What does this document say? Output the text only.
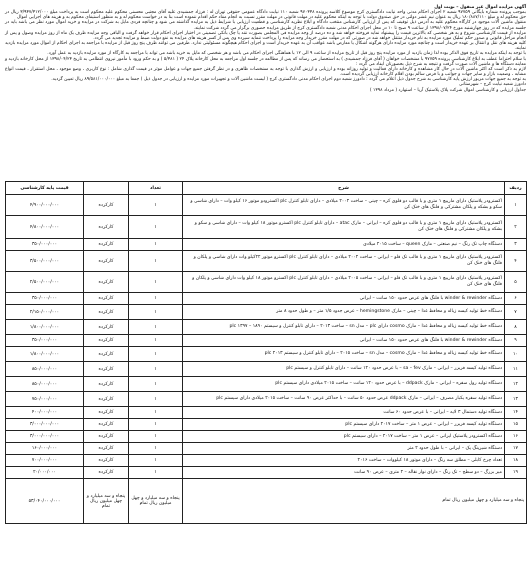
آگهی مزایده اموال غیر منقول – نوبت اول

بموجب پرونده شماره بایگانی ۹۷۷۵۹ شعبه ۲ اجرای احکام مدنی واحد نیابت دادگستری کرج موضوع کلاسه پرونده ۹۷۰۳۳۸ شعبه ۱۱۰ نیابت دادگاه عمومی حقوقی تهران له : فرزاد جمشیدی علیه آقای مجتبی محسنی محکوم علیه محکوم است به پرداخت مبلغ ۳/۹۳۷/۳۱۲/۰۰۰ ریال در حق محکوم له و مبلغ ۱۸۰/۸۸۷/۱۱۰ ریال به عنوان نیم عشر دولتی در حق صندوق دولت با توجه به اینکه محکوم علیه در مهلت قانونی در مهلت مقرر نسبت به انجام مفاد حکم اقدام ننموده است بنا به در خواست محکوم له و به منظور استیفای محکوم به و هزینه های اجرایی اموال

منقول ماشین آلات موجود در کارگاه محکوم علیه به آدرس ذیل توقیف که پس از ارزیابی کارشناس منتخب دادگاه و ابلاغ نظریه کارشناسی و قطعیت ارزیابی با شرایط ذیل به مزایده گذاشته می شود و چنانچه فردی مایل به شرکت در مزایده و خرید اموال مورد نظر می باشد باید در جلسه مزایده که در روز چهارشنبه مورخ ۱۳۹۸/۰۷/۲۴ از ساعت ۹ صبح تا ۱۰ در محل اجرای احکام مدنی شعبه دادگستری کرج از طریق مزایده حضوری برگزار می گردد شرکت نمایند.

مزایده از قیمت کارشناسی شروع و به هر شخصی که بالاترین قیمت را پیشنهاد نماید فروخته خواهد شد و ده درصد از وجه مزایده فی المجلس بصورت نقد یا چک بانکی تضمینی در اختیار اجرای احکام قرار خواهد گرفت و الباقی وجه مزایده ظرف یک ماه از روز مزایده وصول و پس از انجام مراحل قانونی و صدور حکم تملیک مورد مزایده به نام خریدار منتقل خواهد شد در صورتی که در مهلت مقرر خریدار وجه مزایده را پرداخت ننماید سپرده وی پس از کسر هزینه های مزایده به نفع دولت ضبط و مزایده تجدید می گردد.

کلیه هزینه های نقل و انتقال بر عهده خریدار است و چنانچه مورد مزایده دارای هرگونه اشکال یا معارض باشد عواقب آن به عهده خریدار است و اجرای احکام هیچگونه مسئولیتی ندارد. طرفین می توانند ظرف پنج روز قبل از مزایده با مراجعه به اجرای احکام از اموال مورد مزایده بازدید نمایند.

با توجه به اینکه مزایده به تاریخ فوق الذکر بوده لذا زمان بازدید از مورد مزایده پنج روز قبل از تاریخ مزایده از ساعت ۹ الی ۱۲ با هماهنگی اجرای احکام می باشد و هر شخصی که مایل به خرید باشد می تواند با مراجعه به کارگاه از مورد مزایده بازدید به عمل آورد.

با سلام احتراما عطف به ابلاغ کارشناسی پرونده ۹۷۷۵۹ با مشخصات خواهان ( آقای فرزاد جمشیدی ) به استحضار می رساند که پس از مطالعه در جلسه اول مراجعه به محل کارخانه پلاک ۲۴ ( ۵/۳۸۱ ) و به حکم ورود با مأمور نیروی انتظامی به تاریخ ۱۳۹۸/۰۴/۲۳ از محل کارخانه بازدید و معاینه دستگاه ها و ماشین آلات صورت گرفت و نتیجه به شرح ذیل بحضورتان ایفاد می گردد :

لازم به ذکر است که اکثر ماشین آلات در حال کار مشاهده و کارخانه دارای فعالیت و تولید روزانه بوده و ارزیابی و ارزش گذاری با توجه به مشخصات ظاهری و در نظر گرفتن جمیع جهات و عوامل موثر در قیمت گذاری شامل : نوع کاربری ، وضع موجود ، محل استقرار ، قیمت انواع مشابه ، وضعیت بازار و سایر جهات و جوانب و با فرض سالم بودن اقلام کارخانه ارزیابی گردیده است.

به توجه به جمیع جهات مزبور ارزش پایه کارشناسی به شرح جدول ذیل اعلام می گردد : دادورز شعبه دوم اجرای احکام مدنی دادگستری کرج ( لیست ماشین آلات و تجهیزات مورد مزایده و ارزیابی در جدول ذیل ) جمعا به مبلغ ۸۹/۵۸۱/۰۰۰/۰۰۰ ریال تعیین گردید.

دادورز شعبه نیابت کرج – شهرستانی

جداول ارزیابی و کارشناسی اموال شرکت پلاک پلاستیک آریا – استهارد ( مرداد ۱۳۹۸ )

ردیف	شرح	تعداد		قیمت پایه کارشناسی
۱	اکسترودر پلاستیک دارای مارپیچ ۱ متری و با قالب دو قلوی کره – چینی – ساخت ۲۰۰۲ میلادی – دارای تابلو کنترل plc اکسترودو موتور ۱۶ کیلو وات – دارای شاسی و سکو و بشکه و پلکان مشترکی و فلنگ های خنک کن	۱	کارکرده	۴/۹۰۰/۰۰۰/۰۰۰
۲	اکسترودر پلاستیک دارای مارپیچ ۱ متری و با قالب دو قلوی کره – ایرانی – مارک atac – دارای تابلو کنترل plc اکسترو موتور ۱۸ کیلو وات – دارای شاسی و سکو و بشکه و پلکان مشترکی و فلنگ های خنک کن	۱	کارکرده	۴/۸۰۰/۰۰۰/۰۰۰
۳	دستگاه چاپ تک رنگ – نیم صنعتی – مارک queen – ساخت ۲۰۱۵ میلادی	۱	کارکرده	۳۵۰/۰۰۰/۰۰۰
۴	اکسترودر پلاستیک دارای مارپیچ ۱ متری و با قالب تک قلو – ایرانی – ساخت ۲۰۰۲ میلادی – دارای تابلو کنترل plc اکسترو موتور ۲۲کیلو وات دارای شاسی و پلکان و فلنگ های خنک کن	۱	کارکرده	۳/۵۰۰/۰۰۰/۰۰۰
۵	اکسترودر پلاستیک دارای مارپیچ ۱ متری و با قالب تک قلو – ایرانی – ساخت ۲۰۰۵ میلادی – دارای تابلو کنترل plc اکسترو موتور ۱۸ کیلو وات دارای شاسی و پلکان و فلنگ های خنک کن	۱	کارکرده	۲/۵۰۰/۰۰۰/۰۰۰
۶	دستگاه winder & rewinder با فلنگ های عرض حدود ۱۵۰ سانت – ایرانی	۱	کارکرده	۳۵۰/۰۰۰/۰۰۰
۷	دستگاه خط تولید کیسه زباله و محافظ غذا – چینی – مارک hemingstone – عرض جدود ۱/۵ متر – و طول حدود ۸ متر	۱	کارکرده	۲/۱۵۰/۰۰۰/۰۰۰
۸	دستگاه خط تولید کیسه زباله و محافظ غذا – مارک cosmo دارای plc – مدل sn – ساخت ۲۰۱۳ – دارای تابلو کنترل و سیستم plc ۱۳۹۷ – ۱۸۹۰	۱	کارکرده	۱/۸۰۰/۰۰۰/۰۰۰
۹	دستگاه winder & rewinder با فلنگ های عرض حدود ۱۵۰ سانت – ایرانی	۱	کارکرده	۳۵۰/۰۰۰/۰۰۰
۱۰	دستگاه خط تولید کیسه زباله و محافظ غذا – مارک cosmo – مدل sn – ساخت ۲۰۱۵ – دارای تابلو کنترل و سیستم plc ۲۰۱۳	۱	کارکرده	۱/۸۰۰/۰۰۰/۰۰۰
۱۱	دستگاه تولید کیسه فریزر – ایرانی – مارک sa – fev – با عرض حدود ۱۲۰ سانت – دارای تابلو کنترل و سیستم plc	۱	کارکرده	۸۵۰/۰۰۰/۰۰۰
۱۲	دستگاه تولید رول سفره – ایرانی – مارک ddpack – با عرض حدود ۱۲۰ سانت – ساخت ۲۰۱۵ میلادی دارای سیستم plc	۱	کارکرده	۸۵۰/۰۰۰/۰۰۰
۱۳	دستگاه تولید سفره یکبار مصرف – ایرانی – مارک ddpack عرض حدود ۵۰ سانت – با حداکثر عرض ۹۰ سانت – ساخت ۲۰۱۵ میلادی دارای سیستم plc	۱	کارکرده	۷۵۰/۰۰۰/۰۰۰
۱۴	دستگاه تولید دستمال ۳ لایه – ایرانی – با عرض حدود ۶۰ سانت	۱	کارکرده	۴۰۰/۰۰۰/۰۰۰
۱۵	دستگاه تولید کیسه فریزر – ایرانی – عرض ۱ متر – ساخت ۲۰۱۷ دارای سیستم plc	۱	کارکرده	۳/۰۰۰/۰۰۰/۰۰۰
۱۶	دستگاه اکسترودر پلاستیک ایرانی – عرض ۱ متر – ساخت ۲۰۱۷ – دارای سیستم plc	۱	کارکرده	۳/۰۰۰/۰۰۰/۰۰۰
۱۷	دستگاه شیرینگ پک – ایرانی – با طول حدود ۲ متر	۱	کارکرده	۱۶۰/۰۰۰/۰۰۰
۱۸	تعداد چرخ کابلی – مطلق سه رنگ – دارای موتور ۱۸ کیلووات – ساخت ۲۰۱۶	۱	کارکرده	۷۰۰/۰۰۰/۰۰۰
۱۹	میز بزرگ – دو سطح – تک رنگ – دارای نوار نقاله – ۲ متری – عرض ۹۰ سانت	۱	کارکرده	۲۰/۰۰۰/۰۰۰
پنجاه و سه میلیارد و چهل میلیون ریال تمام		پنجاه و سه میلیارد و چهل میلیون ریال تمام	پنجاه و سه میلیارد و چهل میلیون ریال تمام	۵۳/۰۴۰/۰۰۰/۰۰۰
